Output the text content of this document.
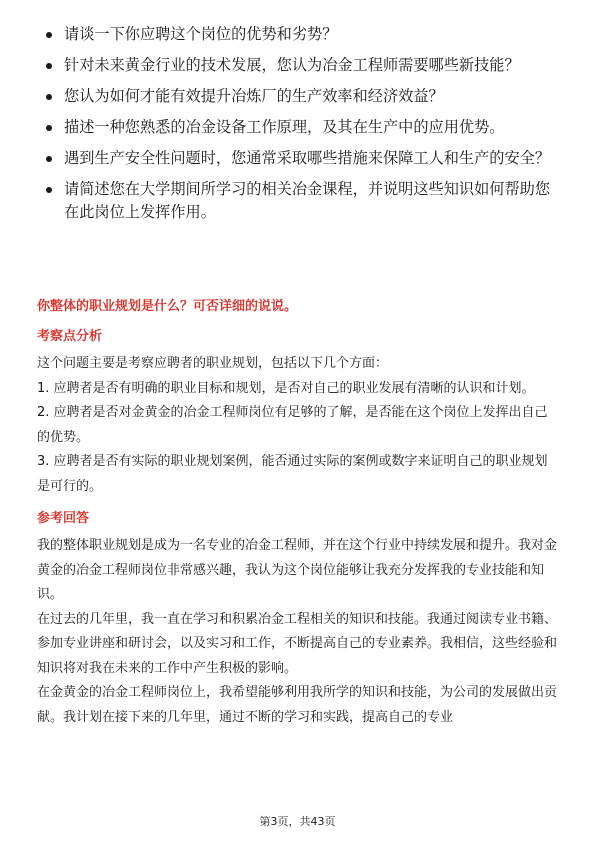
请谈一下你应聘这个岗位的优势和劣势？
针对未来黄金行业的技术发展，您认为冶金工程师需要哪些新技能？
您认为如何才能有效提升冶炼厂的生产效率和经济效益？
描述一种您熟悉的冶金设备工作原理，及其在生产中的应用优势。
遇到生产安全性问题时，您通常采取哪些措施来保障工人和生产的安全？
请简述您在大学期间所学习的相关冶金课程，并说明这些知识如何帮助您在此岗位上发挥作用。

你整体的职业规划是什么？可否详细的说说。

考察点分析

这个问题主要是考察应聘者的职业规划，包括以下几个方面：

1. 应聘者是否有明确的职业目标和规划，是否对自己的职业发展有清晰的认识和计划。

2. 应聘者是否对金黄金的冶金工程师岗位有足够的了解，是否能在这个岗位上发挥出自己的优势。

3. 应聘者是否有实际的职业规划案例，能否通过实际的案例或数字来证明自己的职业规划是可行的。

参考回答

我的整体职业规划是成为一名专业的冶金工程师，并在这个行业中持续发展和提升。我对金黄金的冶金工程师岗位非常感兴趣，我认为这个岗位能够让我充分发挥我的专业技能和知识。

在过去的几年里，我一直在学习和积累冶金工程相关的知识和技能。我通过阅读专业书籍、参加专业讲座和研讨会，以及实习和工作，不断提高自己的专业素养。我相信，这些经验和知识将对我在未来的工作中产生积极的影响。

在金黄金的冶金工程师岗位上，我希望能够利用我所学的知识和技能，为公司的发展做出贡献。我计划在接下来的几年里，通过不断的学习和实践，提高自己的专业

第3页，共43页
